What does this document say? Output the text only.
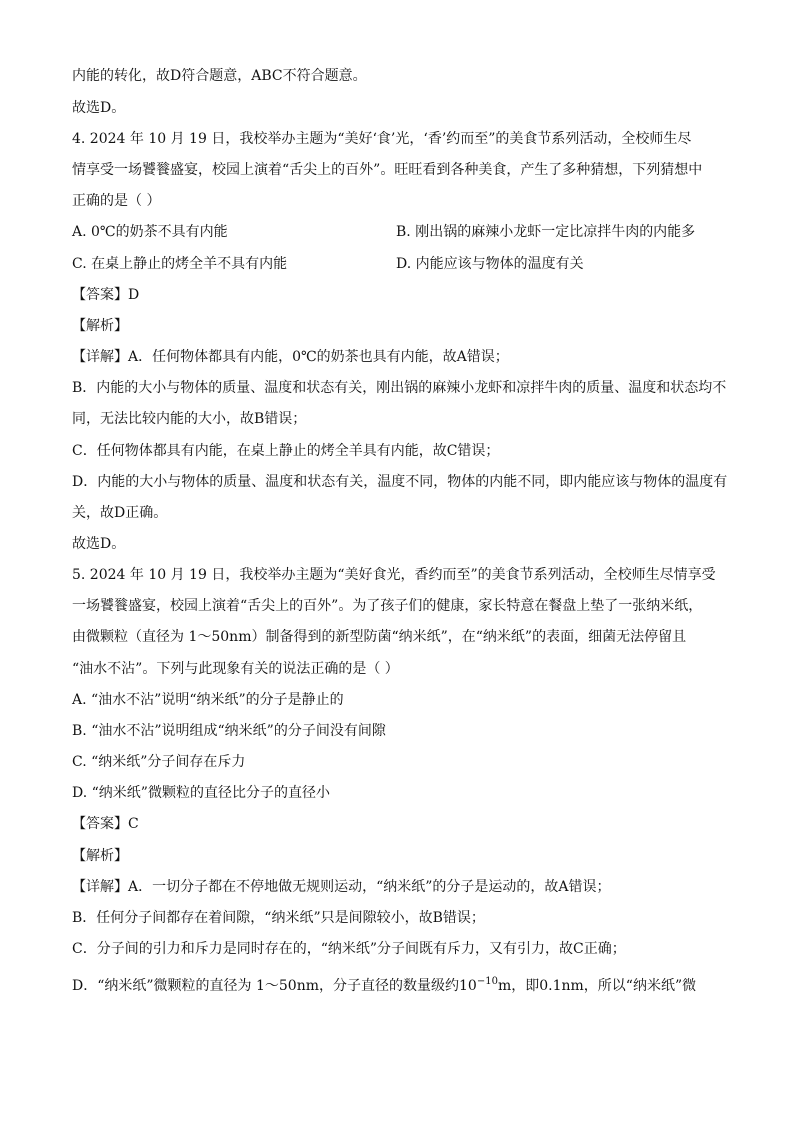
内能的转化，故D符合题意，ABC不符合题意。
故选D。
4. 2024 年 10 月 19 日，我校举办主题为“美好‘食’光，‘香’约而至”的美食节系列活动，全校师生尽
情享受一场饕餮盛宴，校园上演着“舌尖上的百外”。旺旺看到各种美食，产生了多种猜想，下列猜想中
正确的是（ ）
A. 0℃的奶茶不具有内能	B. 刚出锅的麻辣小龙虾一定比凉拌牛肉的内能多
C. 在桌上静止的烤全羊不具有内能	D. 内能应该与物体的温度有关
【答案】D
【解析】
【详解】A．任何物体都具有内能，0℃的奶茶也具有内能，故A错误；
B．内能的大小与物体的质量、温度和状态有关，刚出锅的麻辣小龙虾和凉拌牛肉的质量、温度和状态均不
同，无法比较内能的大小，故B错误；
C．任何物体都具有内能，在桌上静止的烤全羊具有内能，故C错误；
D．内能的大小与物体的质量、温度和状态有关，温度不同，物体的内能不同，即内能应该与物体的温度有
关，故D正确。
故选D。
5. 2024 年 10 月 19 日，我校举办主题为“美好食光，香约而至”的美食节系列活动，全校师生尽情享受
一场饕餮盛宴，校园上演着“舌尖上的百外”。为了孩子们的健康，家长特意在餐盘上垫了一张纳米纸，
由微颗粒（直径为 1～50nm）制备得到的新型防菌“纳米纸”，在“纳米纸”的表面，细菌无法停留且
“油水不沾”。下列与此现象有关的说法正确的是（ ）
A. “油水不沾”说明“纳米纸”的分子是静止的
B. “油水不沾”说明组成“纳米纸”的分子间没有间隙
C. “纳米纸”分子间存在斥力
D. “纳米纸”微颗粒的直径比分子的直径小
【答案】C
【解析】
【详解】A．一切分子都在不停地做无规则运动，“纳米纸”的分子是运动的，故A错误；
B．任何分子间都存在着间隙，“纳米纸”只是间隙较小，故B错误；
C．分子间的引力和斥力是同时存在的，“纳米纸”分子间既有斥力，又有引力，故C正确；
D．“纳米纸”微颗粒的直径为 1～50nm，分子直径的数量级约$10^{-10}m$，即0.1nm，所以“纳米纸”微
